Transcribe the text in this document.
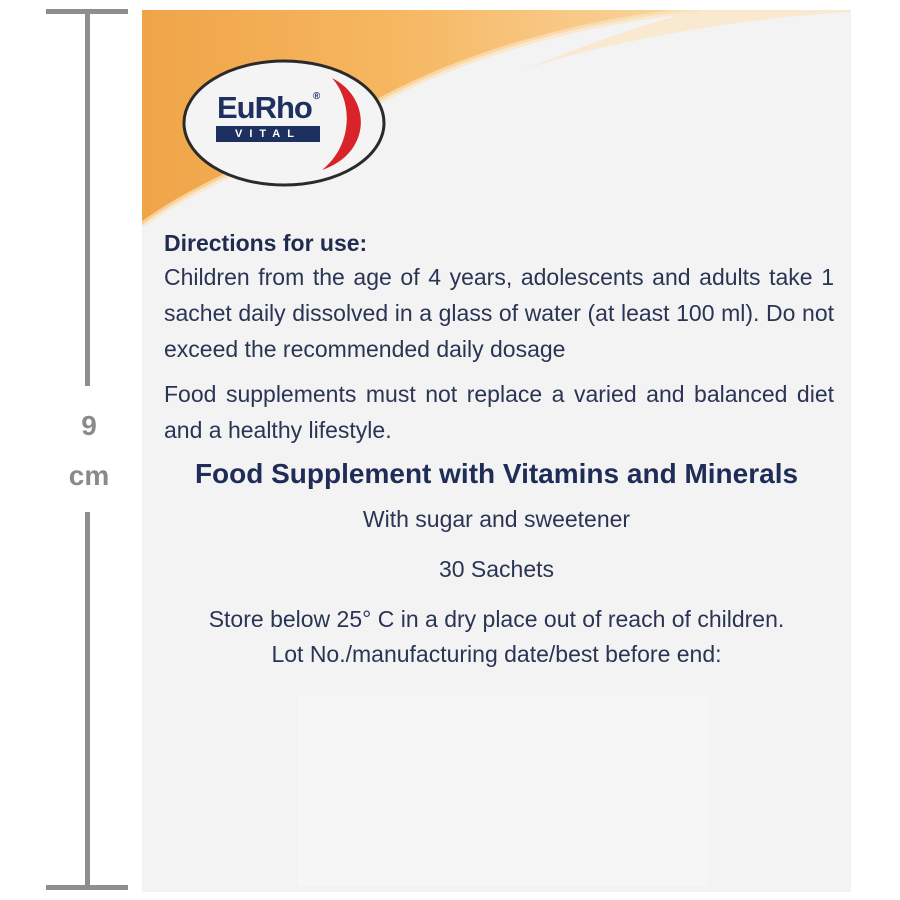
9
cm
EuRho®
VITAL
Directions for use:
Children from the age of 4 years, adolescents and adults take 1 sachet daily dissolved in a glass of water (at least 100 ml). Do not exceed the recommended daily dosage
Food supplements must not replace a varied and balanced diet and a healthy lifestyle.
Food Supplement with Vitamins and Minerals
With sugar and sweetener
30 Sachets
Store below 25° C in a dry place out of reach of children.
Lot No./manufacturing date/best before end:
